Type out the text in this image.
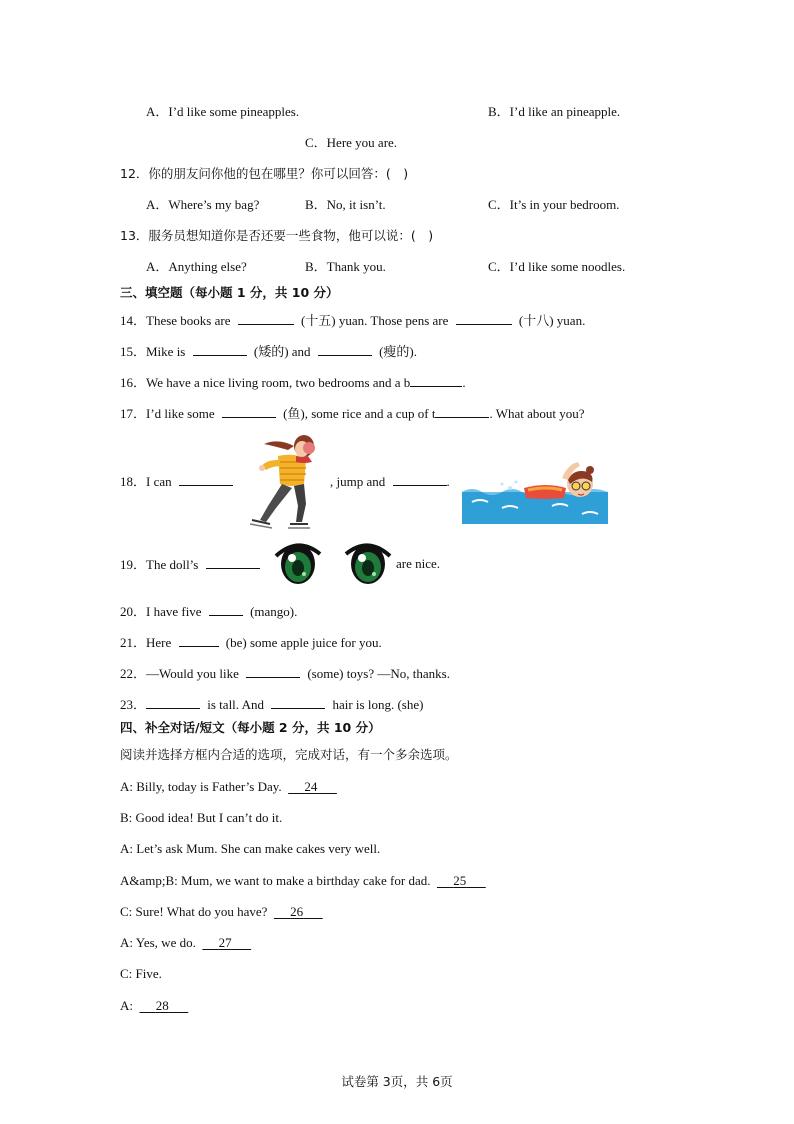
A．I’d like some pineapples.	B．I’d like an pineapple.
C．Here you are.
12．你的朋友问你他的包在哪里？你可以回答：(　)
A．Where’s my bag?	B．No, it isn’t.	C．It’s in your bedroom.
13．服务员想知道你是否还要一些食物，他可以说：(　)
A．Anything else?	B．Thank you.	C．I’d like some noodles.
三、填空题（每小题 1 分，共 10 分）
14．These books are	(十五) yuan. Those pens are	(十八) yuan.
15．Mike is	(矮的) and	(瘦的).
16．We have a nice living room, two bedrooms and a b	.
17．I’d like some	(鱼), some rice and a cup of t	. What about you?
18．I can	, jump and	.
19．The doll’s	are nice.
20．I have five	(mango).
21．Here	(be) some apple juice for you.
22．—Would you like	(some) toys? —No, thanks.
23．	is tall. And	hair is long. (she)
四、补全对话/短文（每小题 2 分，共 10 分）
阅读并选择方框内合适的选项，完成对话，有一个多余选项。
A: Billy, today is Father’s Day. 24
B: Good idea! But I can’t do it.
A: Let’s ask Mum. She can make cakes very well.
A&amp;B: Mum, we want to make a birthday cake for dad. 25
C: Sure! What do you have? 26
A: Yes, we do. 27
C: Five.
A: 28
试卷第 3页，共 6页
